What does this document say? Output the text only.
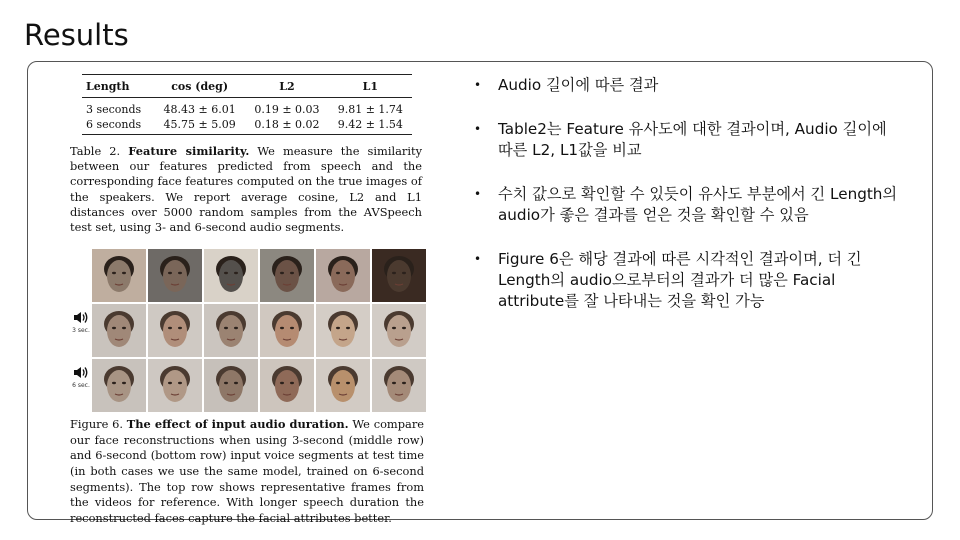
Results
Length	cos (deg)	L2	L1
3 seconds	48.43 ± 6.01	0.19 ± 0.03	9.81 ± 1.74
6 seconds	45.75 ± 5.09	0.18 ± 0.02	9.42 ± 1.54

Table 2. Feature similarity. We measure the similarity between our features predicted from speech and the corresponding face features computed on the true images of the speakers. We report average cosine, L2 and L1 distances over 5000 random samples from the AVSpeech test set, using 3- and 6-second audio segments.

3 sec.
6 sec.

Figure 6. The effect of input audio duration. We compare our face reconstructions when using 3-second (middle row) and 6-second (bottom row) input voice segments at test time (in both cases we use the same model, trained on 6-second segments). The top row shows representative frames from the videos for reference. With longer speech duration the reconstructed faces capture the facial attributes better.

• Audio 길이에 따른 결과
• Table2는 Feature 유사도에 대한 결과이며, Audio 길이에 따른 L2, L1값을 비교
• 수치 값으로 확인할 수 있듯이 유사도 부분에서 긴 Length의 audio가 좋은 결과를 얻은 것을 확인할 수 있음
• Figure 6은 해당 결과에 따른 시각적인 결과이며, 더 긴 Length의 audio으로부터의 결과가 더 많은 Facial attribute를 잘 나타내는 것을 확인 가능
